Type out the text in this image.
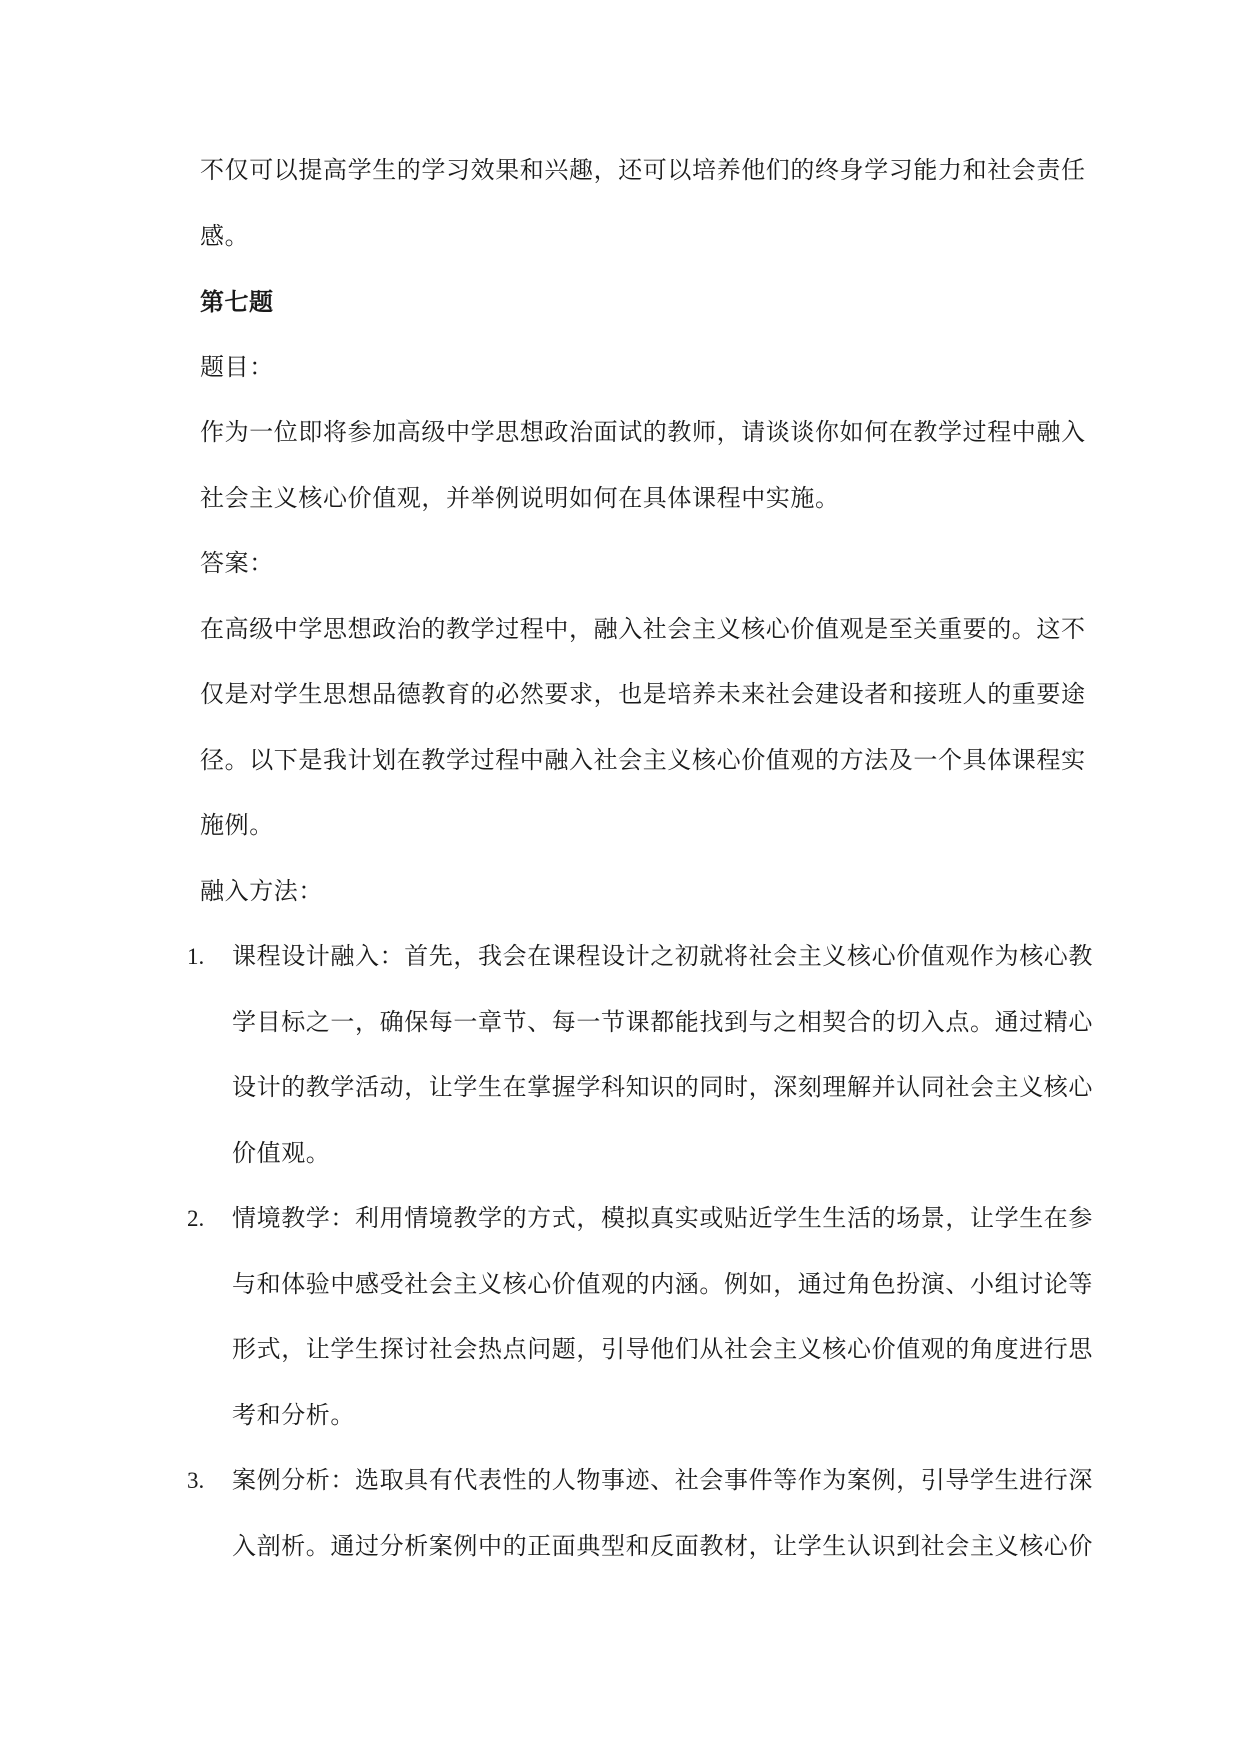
不仅可以提高学生的学习效果和兴趣，还可以培养他们的终身学习能力和社会责任
感。
第七题
题目：
作为一位即将参加高级中学思想政治面试的教师，请谈谈你如何在教学过程中融入
社会主义核心价值观，并举例说明如何在具体课程中实施。
答案：
在高级中学思想政治的教学过程中，融入社会主义核心价值观是至关重要的。这不
仅是对学生思想品德教育的必然要求，也是培养未来社会建设者和接班人的重要途
径。以下是我计划在教学过程中融入社会主义核心价值观的方法及一个具体课程实
施例。
融入方法：
1. 课程设计融入：首先，我会在课程设计之初就将社会主义核心价值观作为核心教
学目标之一，确保每一章节、每一节课都能找到与之相契合的切入点。通过精心
设计的教学活动，让学生在掌握学科知识的同时，深刻理解并认同社会主义核心
价值观。
2. 情境教学：利用情境教学的方式，模拟真实或贴近学生生活的场景，让学生在参
与和体验中感受社会主义核心价值观的内涵。例如，通过角色扮演、小组讨论等
形式，让学生探讨社会热点问题，引导他们从社会主义核心价值观的角度进行思
考和分析。
3. 案例分析：选取具有代表性的人物事迹、社会事件等作为案例，引导学生进行深
入剖析。通过分析案例中的正面典型和反面教材，让学生认识到社会主义核心价
